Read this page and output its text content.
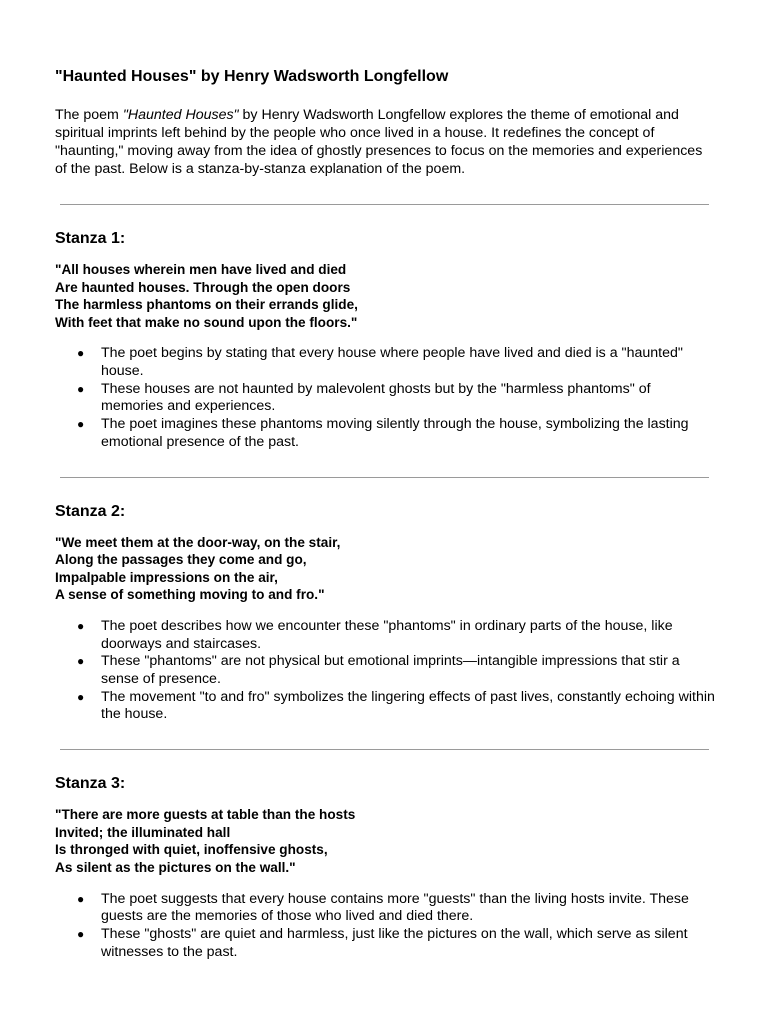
"Haunted Houses" by Henry Wadsworth Longfellow

The poem "Haunted Houses" by Henry Wadsworth Longfellow explores the theme of emotional and spiritual imprints left behind by the people who once lived in a house. It redefines the concept of "haunting," moving away from the idea of ghostly presences to focus on the memories and experiences of the past. Below is a stanza-by-stanza explanation of the poem.

Stanza 1:
"All houses wherein men have lived and died
Are haunted houses. Through the open doors
The harmless phantoms on their errands glide,
With feet that make no sound upon the floors."
● The poet begins by stating that every house where people have lived and died is a "haunted" house.
● These houses are not haunted by malevolent ghosts but by the "harmless phantoms" of memories and experiences.
● The poet imagines these phantoms moving silently through the house, symbolizing the lasting emotional presence of the past.
Stanza 2:
"We meet them at the door-way, on the stair,
Along the passages they come and go,
Impalpable impressions on the air,
A sense of something moving to and fro."
● The poet describes how we encounter these "phantoms" in ordinary parts of the house, like doorways and staircases.
● These "phantoms" are not physical but emotional imprints—intangible impressions that stir a sense of presence.
● The movement "to and fro" symbolizes the lingering effects of past lives, constantly echoing within the house.
Stanza 3:
"There are more guests at table than the hosts
Invited; the illuminated hall
Is thronged with quiet, inoffensive ghosts,
As silent as the pictures on the wall."
● The poet suggests that every house contains more "guests" than the living hosts invite. These guests are the memories of those who lived and died there.
● These "ghosts" are quiet and harmless, just like the pictures on the wall, which serve as silent witnesses to the past.
